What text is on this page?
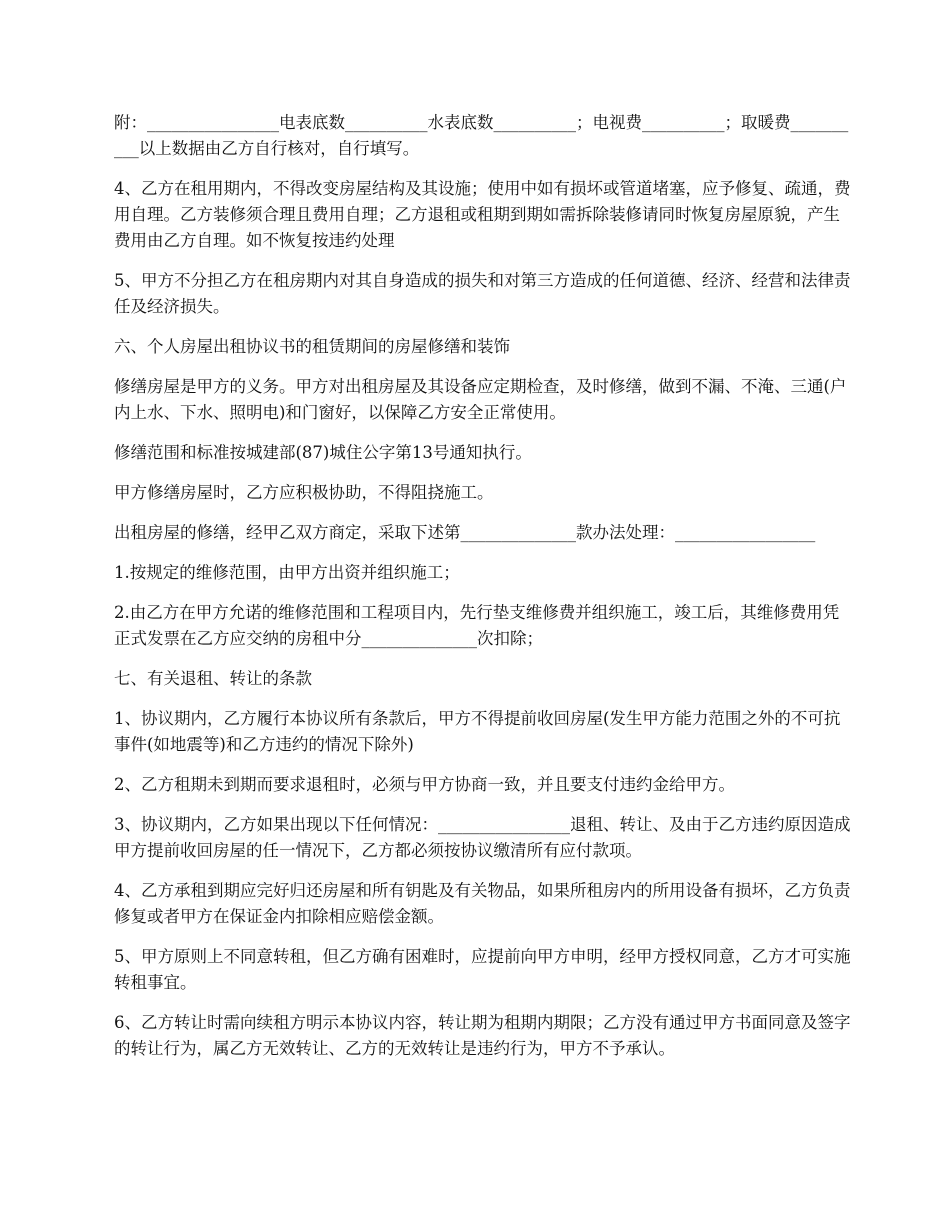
附：________________电表底数__________水表底数__________；电视费__________；取暖费__________以上数据由乙方自行核对，自行填写。

4、乙方在租用期内，不得改变房屋结构及其设施；使用中如有损坏或管道堵塞，应予修复、疏通，费用自理。乙方装修须合理且费用自理；乙方退租或租期到期如需拆除装修请同时恢复房屋原貌，产生费用由乙方自理。如不恢复按违约处理

5、甲方不分担乙方在租房期内对其自身造成的损失和对第三方造成的任何道德、经济、经营和法律责任及经济损失。

六、个人房屋出租协议书的租赁期间的房屋修缮和装饰

修缮房屋是甲方的义务。甲方对出租房屋及其设备应定期检查，及时修缮，做到不漏、不淹、三通(户内上水、下水、照明电)和门窗好，以保障乙方安全正常使用。

修缮范围和标准按城建部(87)城住公字第13号通知执行。

甲方修缮房屋时，乙方应积极协助，不得阻挠施工。

出租房屋的修缮，经甲乙双方商定，采取下述第______________款办法处理：_________________

1.按规定的维修范围，由甲方出资并组织施工；

2.由乙方在甲方允诺的维修范围和工程项目内，先行垫支维修费并组织施工，竣工后，其维修费用凭正式发票在乙方应交纳的房租中分______________次扣除；

七、有关退租、转让的条款

1、协议期内，乙方履行本协议所有条款后，甲方不得提前收回房屋(发生甲方能力范围之外的不可抗事件(如地震等)和乙方违约的情况下除外)

2、乙方租期未到期而要求退租时，必须与甲方协商一致，并且要支付违约金给甲方。

3、协议期内，乙方如果出现以下任何情况：________________退租、转让、及由于乙方违约原因造成甲方提前收回房屋的任一情况下，乙方都必须按协议缴清所有应付款项。

4、乙方承租到期应完好归还房屋和所有钥匙及有关物品，如果所租房内的所用设备有损坏，乙方负责修复或者甲方在保证金内扣除相应赔偿金额。

5、甲方原则上不同意转租，但乙方确有困难时，应提前向甲方申明，经甲方授权同意，乙方才可实施转租事宜。

6、乙方转让时需向续租方明示本协议内容，转让期为租期内期限；乙方没有通过甲方书面同意及签字的转让行为，属乙方无效转让、乙方的无效转让是违约行为，甲方不予承认。
